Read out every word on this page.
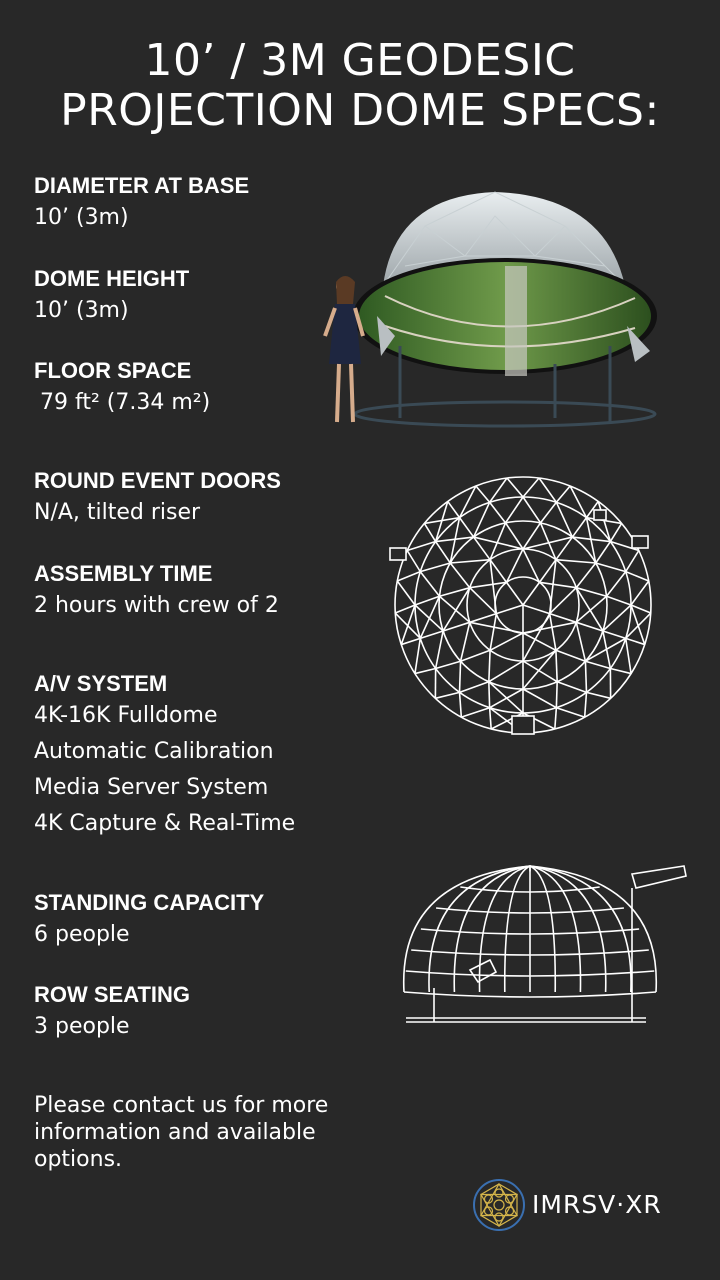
10’ / 3M GEODESIC
PROJECTION DOME SPECS:
DIAMETER AT BASE
10’ (3m)
DOME HEIGHT
10’ (3m)
FLOOR SPACE
79 ft² (7.34 m²)
ROUND EVENT DOORS
N/A, tilted riser
ASSEMBLY TIME
2 hours with crew of 2
A/V SYSTEM
4K-16K Fulldome
Automatic Calibration
Media Server System
4K Capture & Real-Time
STANDING CAPACITY
6 people
ROW SEATING
3 people
Please contact us for more information and available options.
IMRSV·XR
